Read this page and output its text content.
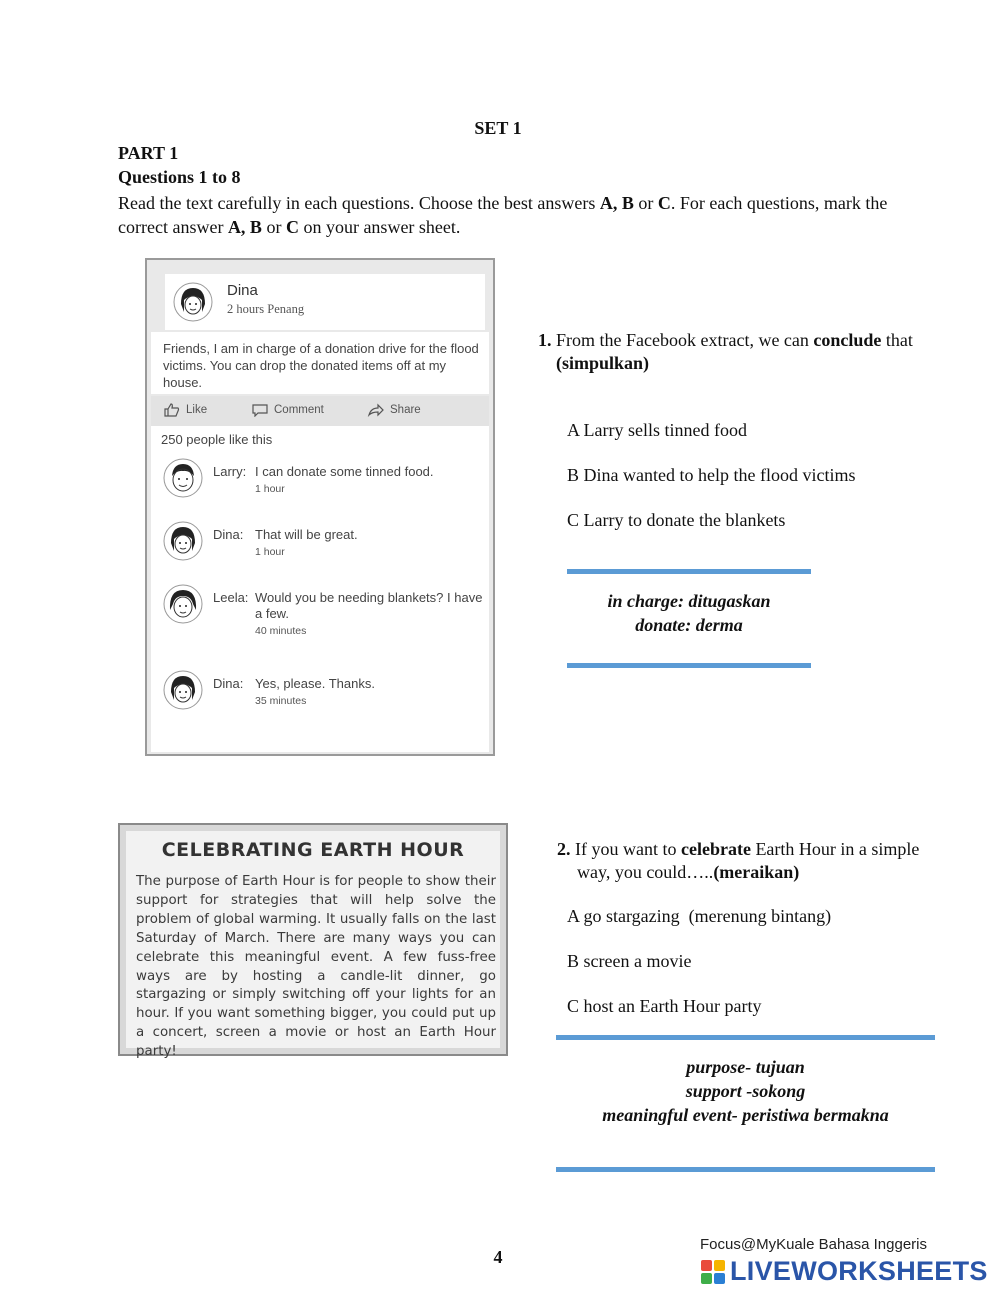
SET 1
PART 1
Questions 1 to 8
Read the text carefully in each questions. Choose the best answers A, B or C. For each questions, mark the correct answer A, B or C on your answer sheet.
Dina
2 hours Penang
Friends, I am in charge of a donation drive for the flood victims. You can drop the donated items off at my house.
Like	Comment	Share
250 people like this
Larry: I can donate some tinned food.
1 hour
Dina: That will be great.
1 hour
Leela: Would you be needing blankets? I have a few.
40 minutes
Dina: Yes, please. Thanks.
35 minutes
1. From the Facebook extract, we can conclude that
(simpulkan)
A Larry sells tinned food
B Dina wanted to help the flood victims
C Larry to donate the blankets
in charge: ditugaskan
donate: derma
CELEBRATING EARTH HOUR
The purpose of Earth Hour is for people to show their support for strategies that will help solve the problem of global warming. It usually falls on the last Saturday of March. There are many ways you can celebrate this meaningful event. A few fuss-free ways are by hosting a candle-lit dinner, go stargazing or simply switching off your lights for an hour. If you want something bigger, you could put up a concert, screen a movie or host an Earth Hour party!
2. If you want to celebrate Earth Hour in a simple
way, you could…..(meraikan)
A go stargazing  (merenung bintang)
B screen a movie
C host an Earth Hour party
purpose- tujuan
support -sokong
meaningful event- peristiwa bermakna
4
Focus@MyKuale Bahasa Inggeris
LIVEWORKSHEETS
